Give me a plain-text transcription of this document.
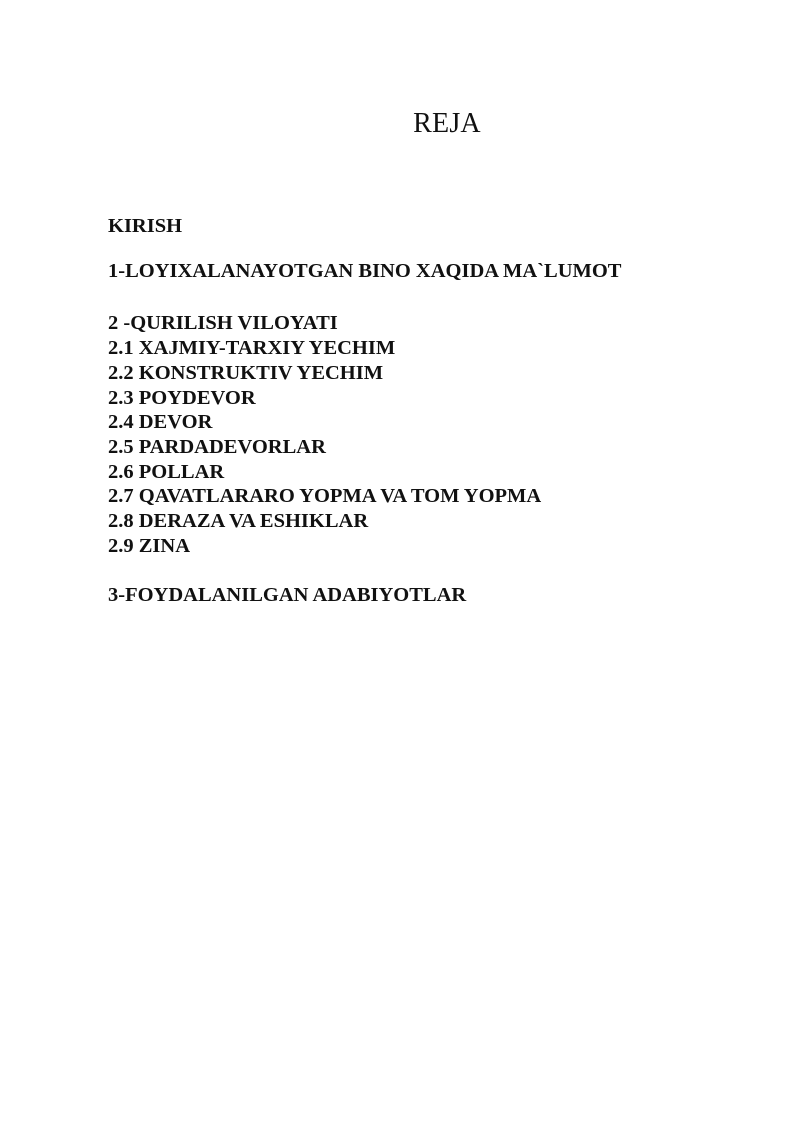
REJA
KIRISH
1-LOYIXALANAYOTGAN BINO XAQIDA MA`LUMOT
2 -QURILISH VILOYATI
2.1 XAJMIY-TARXIY YECHIM
2.2 KONSTRUKTIV YECHIM
2.3 POYDEVOR
2.4 DEVOR
2.5 PARDADEVORLAR
2.6 POLLAR
2.7 QAVATLARARO YOPMA VA TOM YOPMA
2.8 DERAZA VA ESHIKLAR
2.9 ZINA
3-FOYDALANILGAN ADABIYOTLAR
